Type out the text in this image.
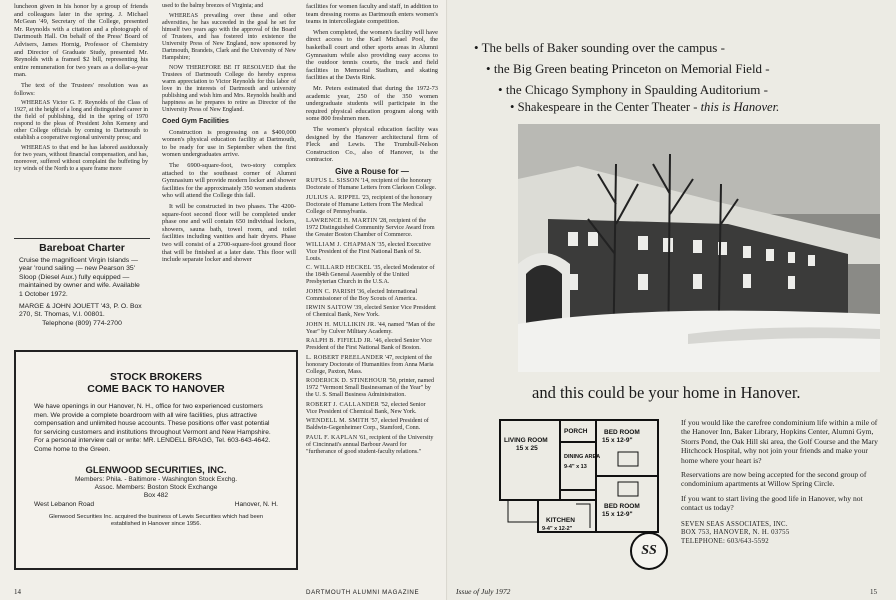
luncheon given in his honor by a group of friends and colleagues later in the spring. J. Michael McGean '49, Secretary of the College, presented Mr. Reynolds with a citation and a photograph of Dartmouth Hall. On behalf of the Press' Board of Advisers, James Hornig, Professor of Chemistry and Director of Graduate Study, presented Mr. Reynolds with a framed $2 bill, representing his entire remuneration for two years as a dollar-a-year man.

The text of the Trustees' resolution was as follows:

WHEREAS Victor G. F. Reynolds of the Class of 1927, at the height of a long and distinguished career in the field of publishing, did in the spring of 1970 respond to the pleas of President John Kemeny and other College officials by coming to Dartmouth to establish a cooperative regional university press; and

WHEREAS to that end he has labored assiduously for two years, without financial compensation, and has, moreover, suffered without complaint the buffeting by icy winds of the North to a spare frame more

used to the balmy breezes of Virginia; and

WHEREAS prevailing over these and other adversities, he has succeeded in the goal he set for himself two years ago with the approval of the Board of Trustees, and has fostered into existence the University Press of New England, now sponsored by Dartmouth, Brandeis, Clark and the University of New Hampshire;

NOW THEREFORE BE IT RESOLVED that the Trustees of Dartmouth College do hereby express warm appreciation to Victor Reynolds for this labor of love in the interests of Dartmouth and university publishing and wish him and Mrs. Reynolds health and happiness as he prepares to retire as Director of the University Press of New England.

Coed Gym Facilities

Construction is progressing on a $400,000 women's physical education facility at Dartmouth, to be ready for use in September when the first women undergraduates arrive.

The 6900-square-foot, two-story complex attached to the southeast corner of Alumni Gymnasium will provide modern locker and shower facilities for the approximately 350 women students who will attend the College this fall.

It will be constructed in two phases. The 4200-square-foot second floor will be completed under phase one and will contain 650 individual lockers, showers, sauna bath, towel room, and toilet facilities including vanities and hair dryers. Phase two will consist of a 2700-square-foot ground floor that will be finished at a later date. This floor will include separate locker and shower

facilities for women faculty and staff, in addition to team dressing rooms as Dartmouth enters women's teams in intercollegiate competition.

When completed, the women's facility will have direct access to the Karl Michael Pool, the basketball court and other sports areas in Alumni Gymnasium while also providing easy access to the outdoor tennis courts, the track and field facilities in Memorial Stadium, and skating facilities at the Davis Rink.

Mr. Peters estimated that during the 1972-73 academic year, 250 of the 350 women undergraduate students will participate in the required physical education program along with some 800 freshmen men.

The women's physical education facility was designed by the Hanover architectural firm of Fleck and Lewis. The Trumbull-Nelson Construction Co., also of Hanover, is the contractor.

Give a Rouse for —

RUFUS L. SISSON '14, recipient of the honorary Doctorate of Humane Letters from Clarkson College.

JULIUS A. RIPPEL '23, recipient of the honorary Doctorate of Humane Letters from The Medical College of Pennsylvania.

LAWRENCE H. MARTIN '28, recipient of the 1972 Distinguished Community Service Award from the Greater Boston Chamber of Commerce.

WILLIAM J. CHAPMAN '35, elected Executive Vice President of the First National Bank of St. Louis.

C. WILLARD HECKEL '35, elected Moderator of the 184th General Assembly of the United Presbyterian Church in the U.S.A.

JOHN C. PARISH '36, elected International Commissioner of the Boy Scouts of America.

IRWIN SAITOW '39, elected Senior Vice President of Chemical Bank, New York.

JOHN H. MULLIKIN JR. '44, named "Man of the Year" by Culver Military Academy.

RALPH B. FIFIELD JR. '46, elected Senior Vice President of the First National Bank of Boston.

L. ROBERT FREELANDER '47, recipient of the honorary Doctorate of Humanities from Anna Maria College, Paxton, Mass.

RODERICK D. STINEHOUR '50, printer, named 1972 "Vermont Small Businessman of the Year" by the U. S. Small Business Administration.

ROBERT J. CALLANDER '52, elected Senior Vice President of Chemical Bank, New York.

WENDELL M. SMITH '57, elected President of Baldwin-Gegenheimer Corp., Stamford, Conn.

PAUL F. KAPLAN '61, recipient of the University of Cincinnati's annual Barbour Award for "furtherance of good student-faculty relations."

Bareboat Charter
Cruise the magnificent Virgin Islands — year 'round sailing — new Pearson 35' Sloop (Diesel Aux.) fully equipped — maintained by owner and wife. Available 1 October 1972.
MARGE & JOHN JOUETT '43, P. O. Box 270, St. Thomas, V.I. 00801.
Telephone (809) 774-2700
STOCK BROKERS
COME BACK TO HANOVER
We have openings in our Hanover, N. H., office for two experienced customers men. We provide a complete boardroom with all wire facilities, plus attractive compensation and unlimited house accounts. These positions offer vast potential for servicing customers and institutions throughout Vermont and New Hampshire. For a personal interview call or write: MR. LENDELL BRAGG, Tel. 603-643-4642. Come home to the Green.
GLENWOOD SECURITIES, INC.
Members: Phila. - Baltimore - Washington Stock Exchg.
Assoc. Members: Boston Stock Exchange
Box 482
West Lebanon Road	Hanover, N. H.
Glenwood Securities Inc. acquired the business of Lewis Securities which had been established in Hanover since 1956.
14	DARTMOUTH ALUMNI MAGAZINE
• The bells of Baker sounding over the campus -
• the Big Green beating Princeton on Memorial Field -
• the Chicago Symphony in Spaulding Auditorium -
• Shakespeare in the Center Theater - this is Hanover.
and this could be your home in Hanover.
LIVING ROOM
15 x 25
PORCH
DINING AREA
9-4" x 13
BED ROOM
15 x 12-9"
BED ROOM
15 x 12-9"
KITCHEN
9-4" x 12-2"
SS

If you would like the carefree condominium life within a mile of the Hanover Inn, Baker Library, Hopkins Center, Alumni Gym, Storrs Pond, the Oak Hill ski area, the Golf Course and the Mary Hitchcock Hospital, why not join your friends and make your home where your heart is?

Reservations are now being accepted for the second group of condominium apartments at Willow Spring Circle.

If you want to start living the good life in Hanover, why not contact us today?

SEVEN SEAS ASSOCIATES, INC.
BOX 753, HANOVER, N. H. 03755
TELEPHONE: 603/643-5592
Issue of July 1972	15
